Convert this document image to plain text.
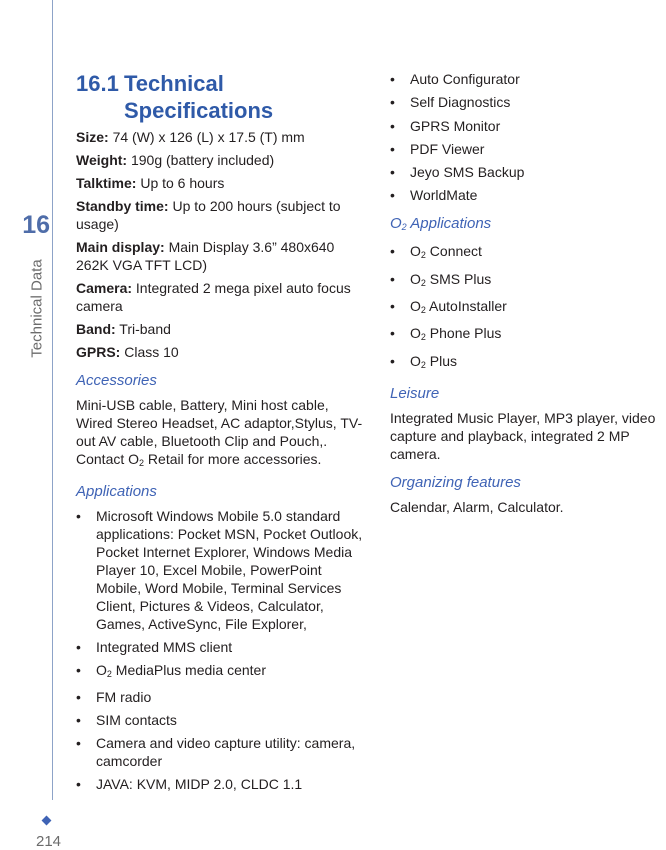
16
Technical Data
214
16.1 Technical
Specifications

Size: 74 (W) x 126 (L) x 17.5 (T) mm

Weight: 190g (battery included)

Talktime: Up to 6 hours

Standby time: Up to 200 hours (subject to usage)

Main display: Main Display 3.6” 480x640 262K VGA TFT LCD)

Camera: Integrated 2 mega pixel auto focus camera

Band: Tri-band

GPRS: Class 10

Accessories

Mini-USB cable, Battery, Mini host cable, Wired Stereo Headset, AC adaptor,Stylus, TV-out AV cable, Bluetooth Clip and Pouch,. Contact $O_2$ Retail for more accessories.

Applications
• Microsoft Windows Mobile 5.0 standard applications: Pocket MSN, Pocket Outlook, Pocket Internet Explorer, Windows Media Player 10, Excel Mobile, PowerPoint Mobile, Word Mobile, Terminal Services Client, Pictures & Videos, Calculator, Games, ActiveSync, File Explorer,
• Integrated MMS client
• $O_2$ MediaPlus media center
• FM radio
• SIM contacts
• Camera and video capture utility: camera, camcorder
• JAVA: KVM, MIDP 2.0, CLDC 1.1
• Auto Configurator
• Self Diagnostics
• GPRS Monitor
• PDF Viewer
• Jeyo SMS Backup
• WorldMate
$O_2$ Applications
• $O_2$ Connect
• $O_2$ SMS Plus
• $O_2$ AutoInstaller
• $O_2$ Phone Plus
• $O_2$ Plus
Leisure

Integrated Music Player, MP3 player, video capture and playback, integrated 2 MP camera.

Organizing features

Calendar, Alarm, Calculator.
